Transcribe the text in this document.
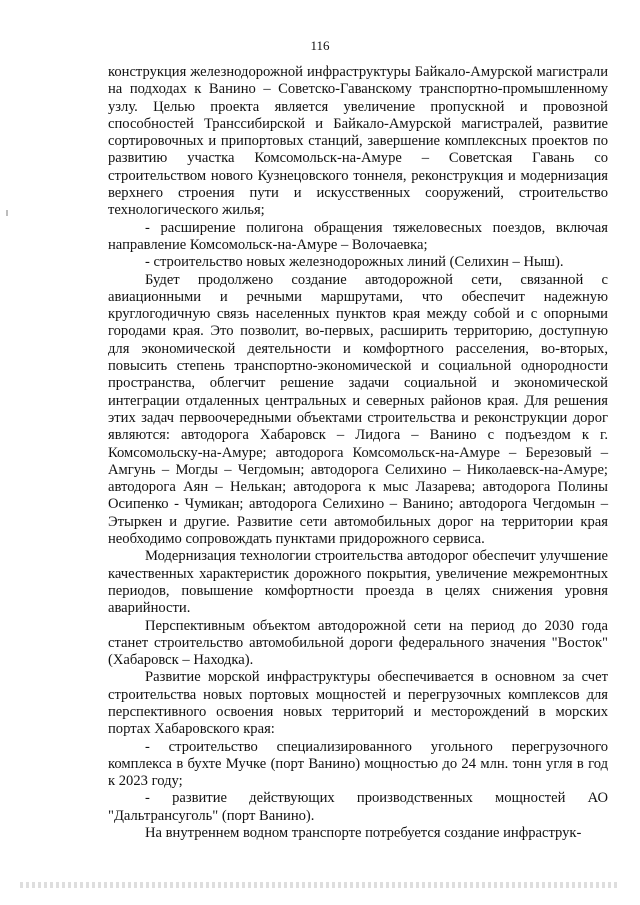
116

конструкция железнодорожной инфраструктуры Байкало-Амурской магистрали на подходах к Ванино – Советско-Гаванскому транспортно-промышленному узлу. Целью проекта является увеличение пропускной и провозной способностей Транссибирской и Байкало-Амурской магистралей, развитие сортировочных и припортовых станций, завершение комплексных проектов по развитию участка Комсомольск-на-Амуре – Советская Гавань со строительством нового Кузнецовского тоннеля, реконструкция и модернизация верхнего строения пути и искусственных сооружений, строительство технологического жилья;

- расширение полигона обращения тяжеловесных поездов, включая направление Комсомольск-на-Амуре – Волочаевка;

- строительство новых железнодорожных линий (Селихин – Ныш).

Будет продолжено создание автодорожной сети, связанной с авиационными и речными маршрутами, что обеспечит надежную круглогодичную связь населенных пунктов края между собой и с опорными городами края. Это позволит, во-первых, расширить территорию, доступную для экономической деятельности и комфортного расселения, во-вторых, повысить степень транспортно-экономической и социальной однородности пространства, облегчит решение задачи социальной и экономической интеграции отдаленных центральных и северных районов края. Для решения этих задач первоочередными объектами строительства и реконструкции дорог являются: автодорога Хабаровск – Лидога – Ванино с подъездом к г. Комсомольску-на-Амуре; автодорога Комсомольск-на-Амуре – Березовый – Амгунь – Могды – Чегдомын; автодорога Селихино – Николаевск-на-Амуре; автодорога Аян – Нелькан; автодорога к мыс Лазарева; автодорога Полины Осипенко - Чумикан; автодорога Селихино – Ванино; автодорога Чегдомын – Этыркен и другие. Развитие сети автомобильных дорог на территории края необходимо сопровождать пунктами придорожного сервиса.

Модернизация технологии строительства автодорог обеспечит улучшение качественных характеристик дорожного покрытия, увеличение межремонтных периодов, повышение комфортности проезда в целях снижения уровня аварийности.

Перспективным объектом автодорожной сети на период до 2030 года станет строительство автомобильной дороги федерального значения "Восток" (Хабаровск – Находка).

Развитие морской инфраструктуры обеспечивается в основном за счет строительства новых портовых мощностей и перегрузочных комплексов для перспективного освоения новых территорий и месторождений в морских портах Хабаровского края:

- строительство специализированного угольного перегрузочного комплекса в бухте Мучке (порт Ванино) мощностью до 24 млн. тонн угля в год к 2023 году;

- развитие действующих производственных мощностей АО "Дальтрансуголь" (порт Ванино).

На внутреннем водном транспорте потребуется создание инфраструк-
